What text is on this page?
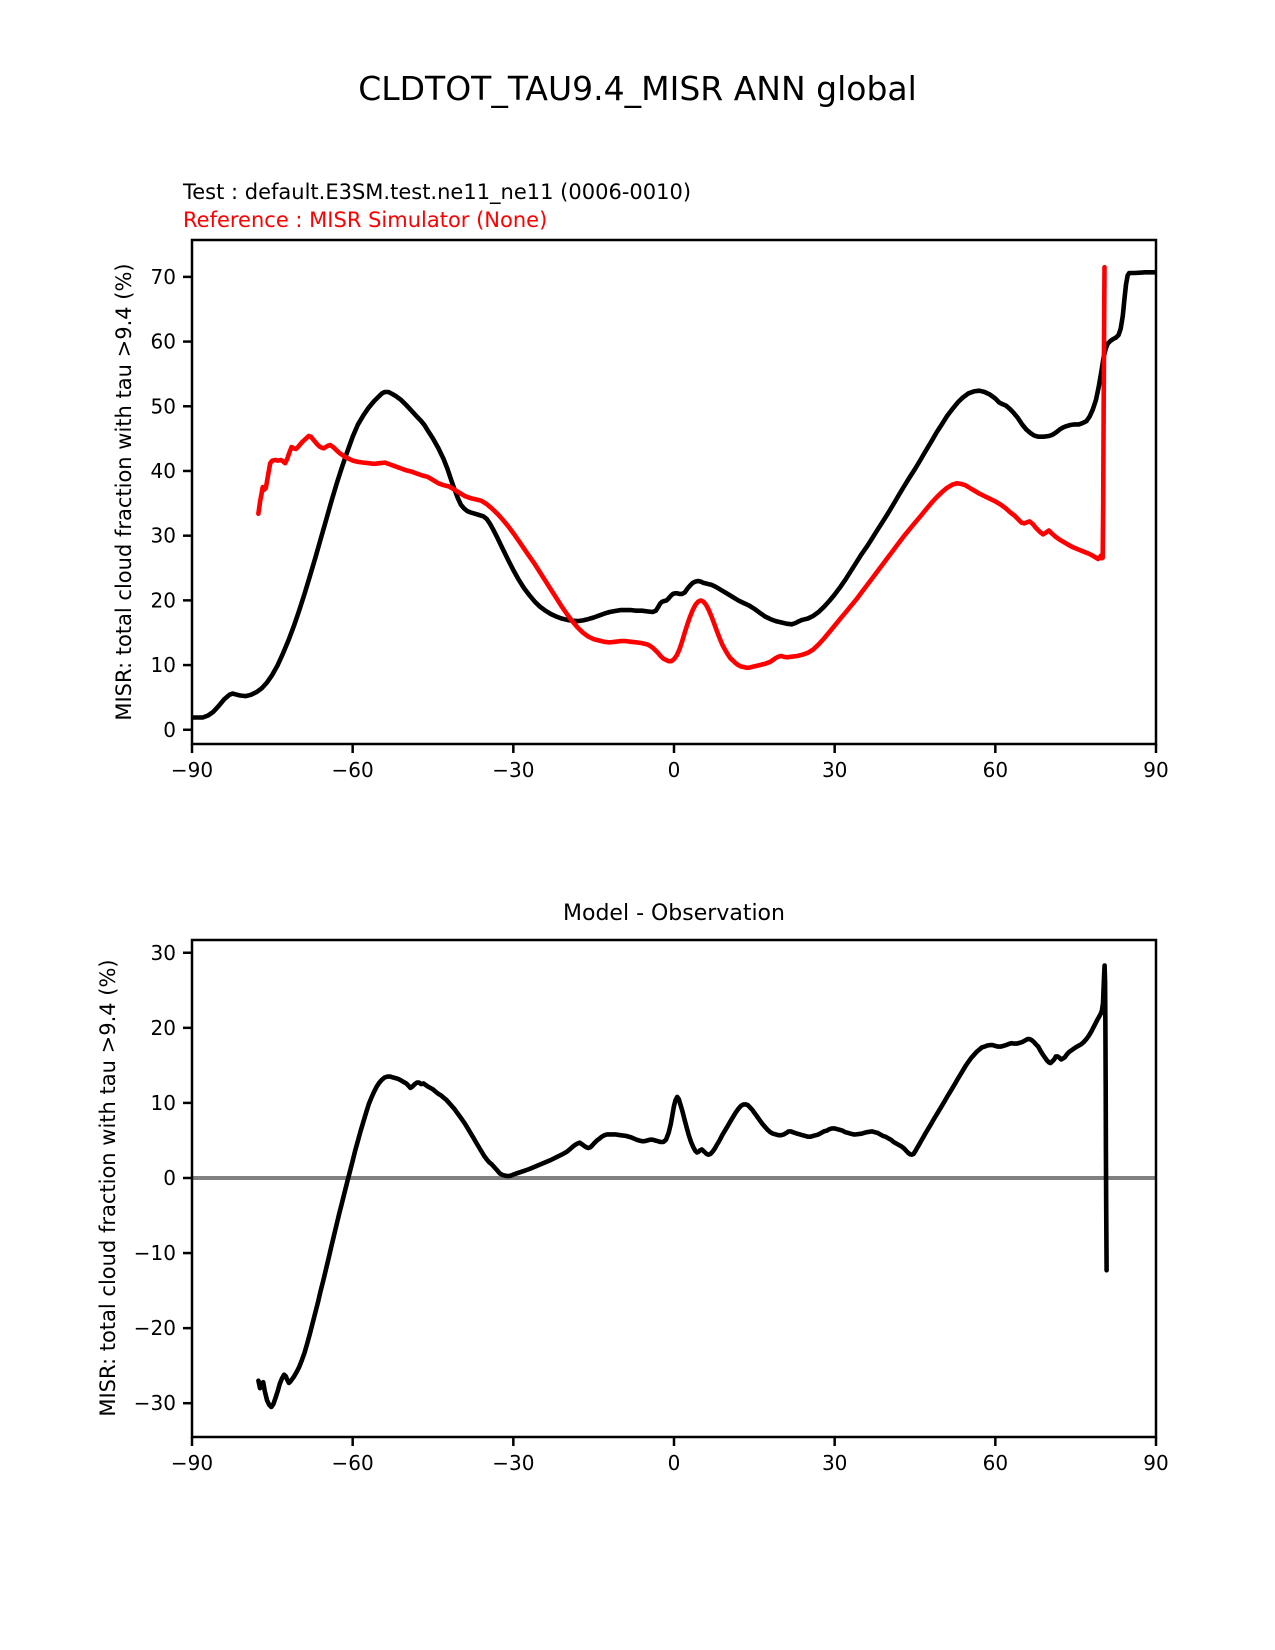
CLDTOT_TAU9.4_MISR ANN global
Test : default.E3SM.test.ne11_ne11 (0006-0010)
Reference : MISR Simulator (None)
MISR: total cloud fraction with tau >9.4 (%)
MISR: total cloud fraction with tau >9.4 (%)
Model - Observation
−90	−60	−30	0	30	60	90
0
10
20
30
40
50
60
70
−90	−60	−30	0	30	60	90
−30
−20
−10
0
10
20
30
